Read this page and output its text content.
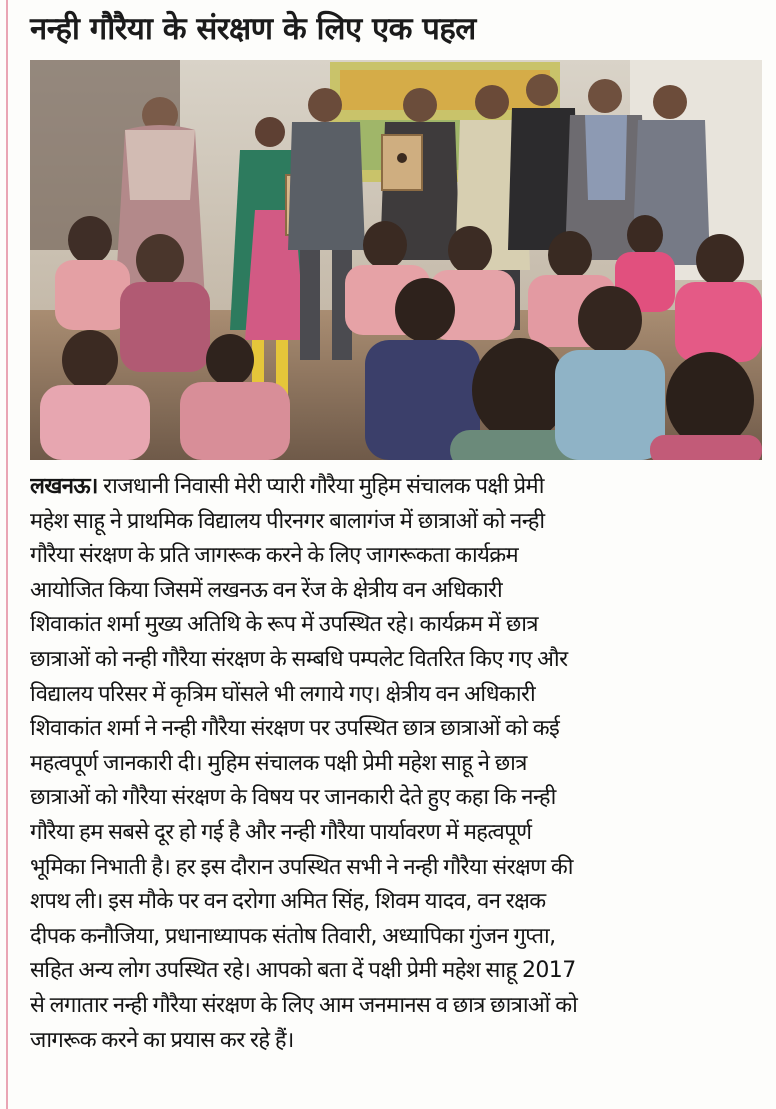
नन्ही गौरैया के संरक्षण के लिए एक पहल
लखनऊ। राजधानी निवासी मेरी प्यारी गौरैया मुहिम संचालक पक्षी प्रेमी
महेश साहू ने प्राथमिक विद्यालय पीरनगर बालागंज में छात्राओं को नन्ही
गौरैया संरक्षण के प्रति जागरूक करने के लिए जागरूकता कार्यक्रम
आयोजित किया जिसमें लखनऊ वन रेंज के क्षेत्रीय वन अधिकारी
शिवाकांत शर्मा मुख्य अतिथि के रूप में उपस्थित रहे। कार्यक्रम में छात्र
छात्राओं को नन्ही गौरैया संरक्षण के सम्बधि पम्पलेट वितरित किए गए और
विद्यालय परिसर में कृत्रिम घोंसले भी लगाये गए। क्षेत्रीय वन अधिकारी
शिवाकांत शर्मा ने नन्ही गौरैया संरक्षण पर उपस्थित छात्र छात्राओं को कई
महत्वपूर्ण जानकारी दी। मुहिम संचालक पक्षी प्रेमी महेश साहू ने छात्र
छात्राओं को गौरैया संरक्षण के विषय पर जानकारी देते हुए कहा कि नन्ही
गौरैया हम सबसे दूर हो गई है और नन्ही गौरैया पार्यावरण में महत्वपूर्ण
भूमिका निभाती है। हर इस दौरान उपस्थित सभी ने नन्ही गौरैया संरक्षण की
शपथ ली। इस मौके पर वन दरोगा अमित सिंह, शिवम यादव, वन रक्षक
दीपक कनौजिया, प्रधानाध्यापक संतोष तिवारी, अध्यापिका गुंजन गुप्ता,
सहित अन्य लोग उपस्थित रहे। आपको बता दें पक्षी प्रेमी महेश साहू 2017
से लगातार नन्ही गौरैया संरक्षण के लिए आम जनमानस व छात्र छात्राओं को
जागरूक करने का प्रयास कर रहे हैं।
